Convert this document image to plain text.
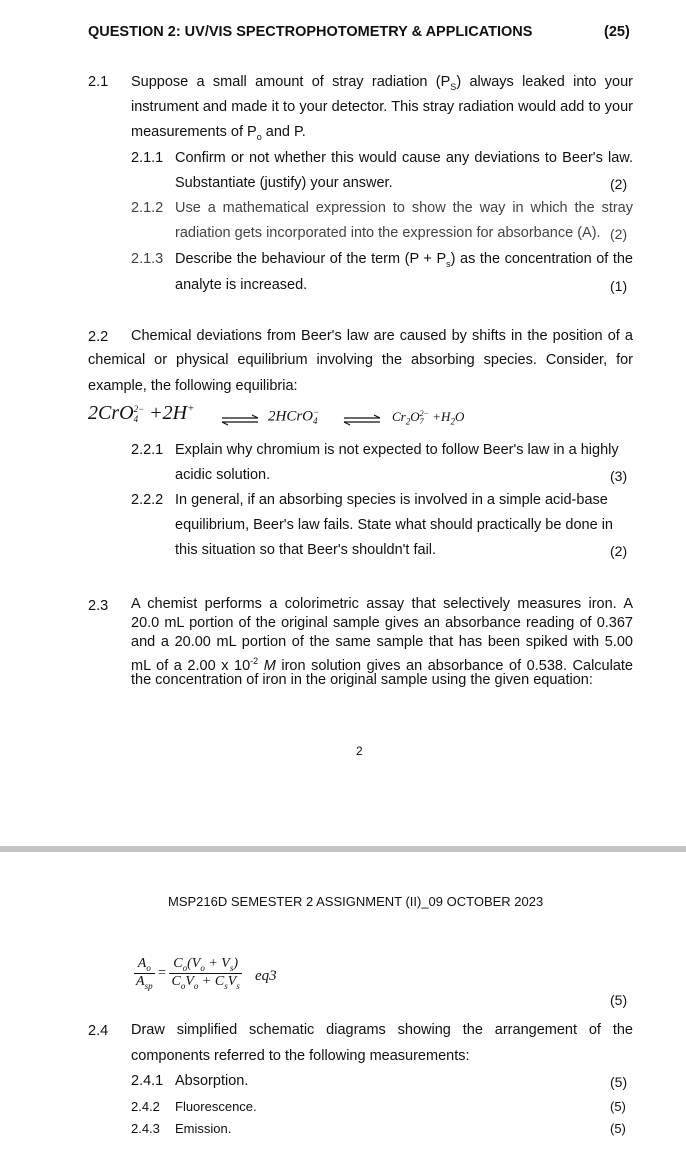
QUESTION 2: UV/VIS SPECTROPHOTOMETRY & APPLICATIONS	(25)
2.1 Suppose a small amount of stray radiation $(P_S)$ always leaked into your
instrument and made it to your detector. This stray radiation would add to your
measurements of $P_o$ and P.
2.1.1 Confirm or not whether this would cause any deviations to Beer's law.
Substantiate (justify) your answer.	(2)
2.1.2 Use a mathematical expression to show the way in which the stray
radiation gets incorporated into the expression for absorbance (A). (2)
2.1.3 Describe the behaviour of the term $(P + P_s)$ as the concentration of the
analyte is increased.	(1)
2.2 Chemical deviations from Beer's law are caused by shifts in the position of a
chemical or physical equilibrium involving the absorbing species. Consider, for
example, the following equilibria:
2CrO 2−
4 +2H+
⇌ 2HCrO −
4 ⇌ $Cr_2O$ 2−
$7 +H_2O$
2.2.1 Explain why chromium is not expected to follow Beer's law in a highly
acidic solution.	(3)
2.2.2 In general, if an absorbing species is involved in a simple acid-base
equilibrium, Beer's law fails. State what should practically be done in
this situation so that Beer's shouldn't fail.	(2)
2.3 A chemist performs a colorimetric assay that selectively measures iron. A
20.0 mL portion of the original sample gives an absorbance reading of 0.367
and a 20.00 mL portion of the same sample that has been spiked with 5.00
mL of a 2.00 x $10^{-2}$ M iron solution gives an absorbance of 0.538. Calculate
the concentration of iron in the original sample using the given equation:
2
MSP216D SEMESTER 2 ASSIGNMENT (II)_09 OCTOBER 2023
$\frac{A_o}{A_{sp}} = \frac{C_o(V_o + V_s)}{C_oV_o + C_sV_s} eq3$
(5)
2.4 Draw simplified schematic diagrams showing the arrangement of the
components referred to the following measurements:
2.4.1 Absorption.	(5)
2.4.2 Fluorescence.	(5)
2.4.3 Emission.	(5)
